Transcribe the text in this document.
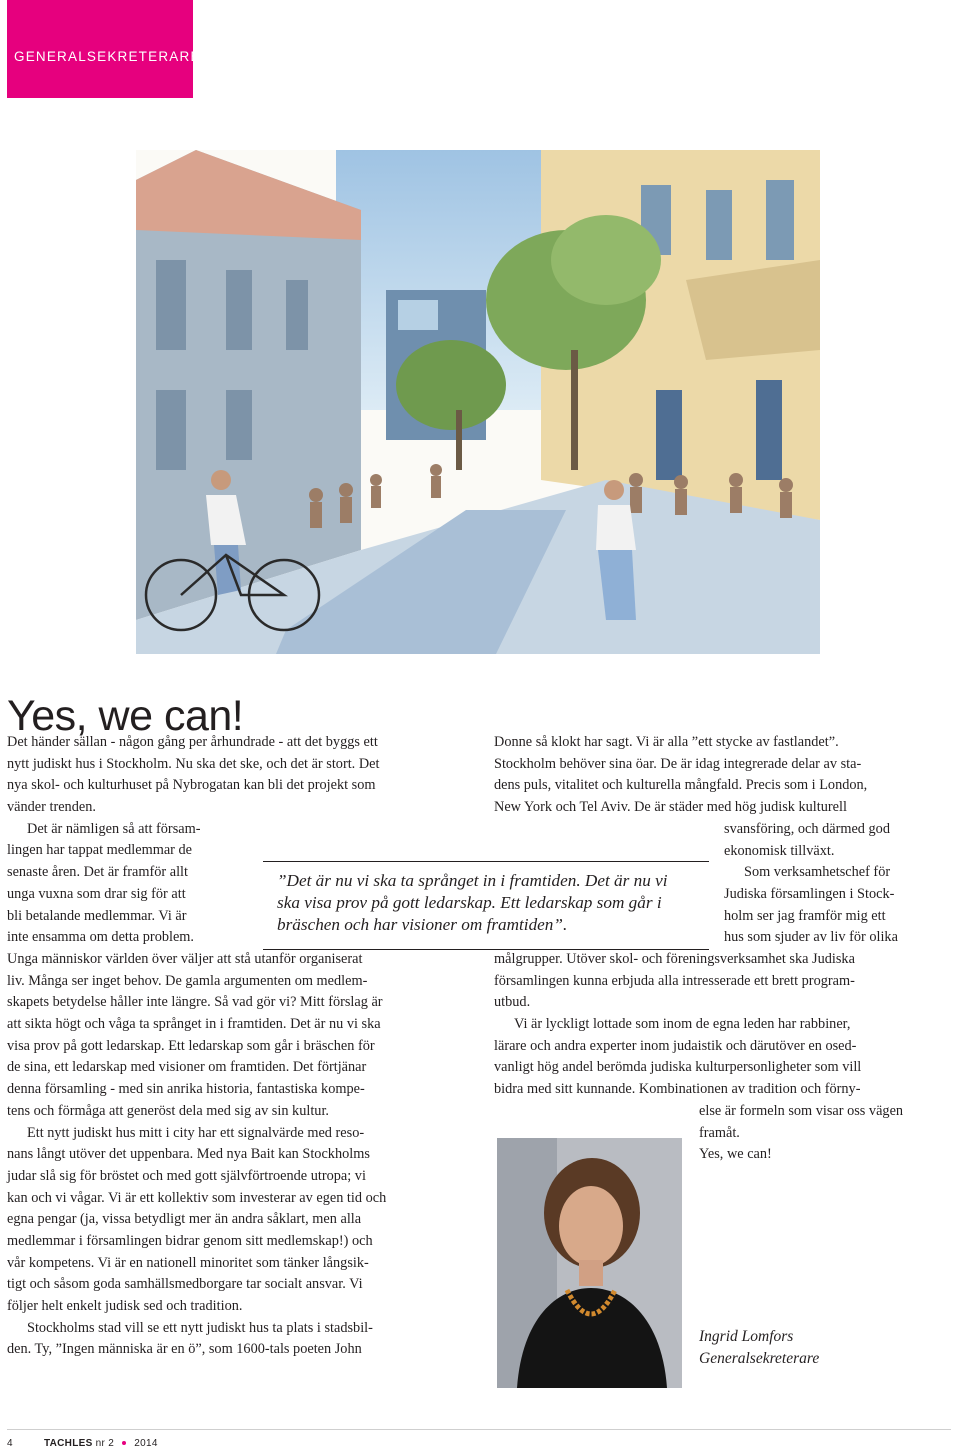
GENERALSEKRETERAREN
Yes, we can!
Det händer sällan - någon gång per århundrade - att det byggs ett
nytt judiskt hus i Stockholm. Nu ska det ske, och det är stort. Det
nya skol- och kulturhuset på Nybrogatan kan bli det projekt som
vänder trenden.
Det är nämligen så att försam-
lingen har tappat medlemmar de
senaste åren. Det är framför allt
unga vuxna som drar sig för att
bli betalande medlemmar. Vi är
inte ensamma om detta problem.
Unga människor världen över väljer att stå utanför organiserat
liv. Många ser inget behov. De gamla argumenten om medlem-
skapets betydelse håller inte längre. Så vad gör vi? Mitt förslag är
att sikta högt och våga ta språnget in i framtiden. Det är nu vi ska
visa prov på gott ledarskap. Ett ledarskap som går i bräschen för
de sina, ett ledarskap med visioner om framtiden. Det förtjänar
denna församling - med sin anrika historia, fantastiska kompe-
tens och förmåga att generöst dela med sig av sin kultur.
Ett nytt judiskt hus mitt i city har ett signalvärde med reso-
nans långt utöver det uppenbara. Med nya Bait kan Stockholms
judar slå sig för bröstet och med gott självförtroende utropa; vi
kan och vi vågar. Vi är ett kollektiv som investerar av egen tid och
egna pengar (ja, vissa betydligt mer än andra såklart, men alla
medlemmar i församlingen bidrar genom sitt medlemskap!) och
vår kompetens. Vi är en nationell minoritet som tänker långsik-
tigt och såsom goda samhällsmedborgare tar socialt ansvar. Vi
följer helt enkelt judisk sed och tradition.
Stockholms stad vill se ett nytt judiskt hus ta plats i stadsbil-
den. Ty, ”Ingen människa är en ö”, som 1600-tals poeten John
Donne så klokt har sagt. Vi är alla ”ett stycke av fastlandet”.
Stockholm behöver sina öar. De är idag integrerade delar av sta-
dens puls, vitalitet och kulturella mångfald. Precis som i London,
New York och Tel Aviv. De är städer med hög judisk kulturell
svansföring, och därmed god
ekonomisk tillväxt.
Som verksamhetschef för
Judiska församlingen i Stock-
holm ser jag framför mig ett
hus som sjuder av liv för olika
målgrupper. Utöver skol- och föreningsverksamhet ska Judiska
församlingen kunna erbjuda alla intresserade ett brett program-
utbud.
Vi är lyckligt lottade som inom de egna leden har rabbiner,
lärare och andra experter inom judaistik och därutöver en osed-
vanligt hög andel berömda judiska kulturpersonligheter som vill
bidra med sitt kunnande. Kombinationen av tradition och förny-
else är formeln som visar oss vägen
framåt.
Yes, we can!
”Det är nu vi ska ta språnget in i framtiden. Det är nu vi
ska visa prov på gott ledarskap. Ett ledarskap som går i
bräschen och har visioner om framtiden”.
Ingrid Lomfors
Generalsekreterare
4	TACHLES nr 2 2014
